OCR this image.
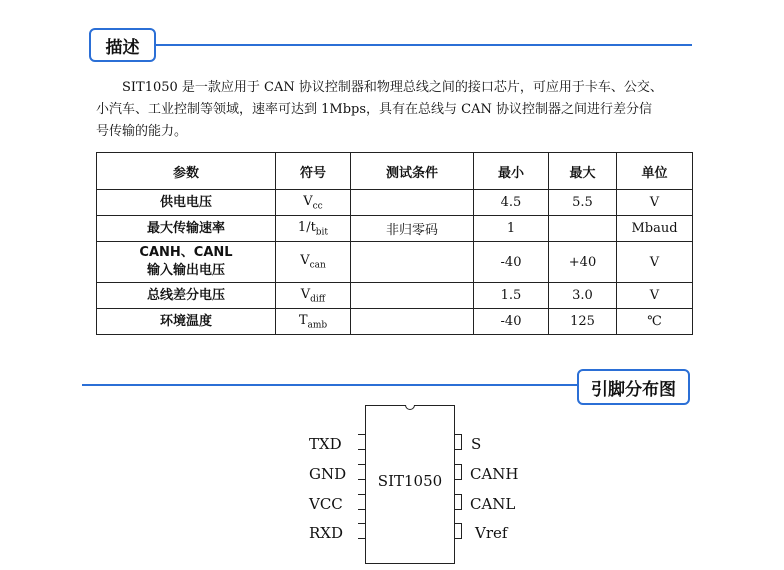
描述
SIT1050 是一款应用于 CAN 协议控制器和物理总线之间的接口芯片，可应用于卡车、公交、
小汽车、工业控制等领域，速率可达到 1Mbps，具有在总线与 CAN 协议控制器之间进行差分信
号传输的能力。
参数	符号	测试条件	最小	最大	单位
供电电压	$V_{cc}$		4.5	5.5	V
最大传输速率	$1/t_{bit}$	非归零码	1		Mbaud
CANH、CANL
输入输出电压	$V_{can}$		-40	+40	V
总线差分电压	$V_{diff}$		1.5	3.0	V
环境温度	$T_{amb}$		-40	125	℃
引脚分布图
SIT1050
TXD
GND
VCC
RXD
S
CANH
CANL
Vref
